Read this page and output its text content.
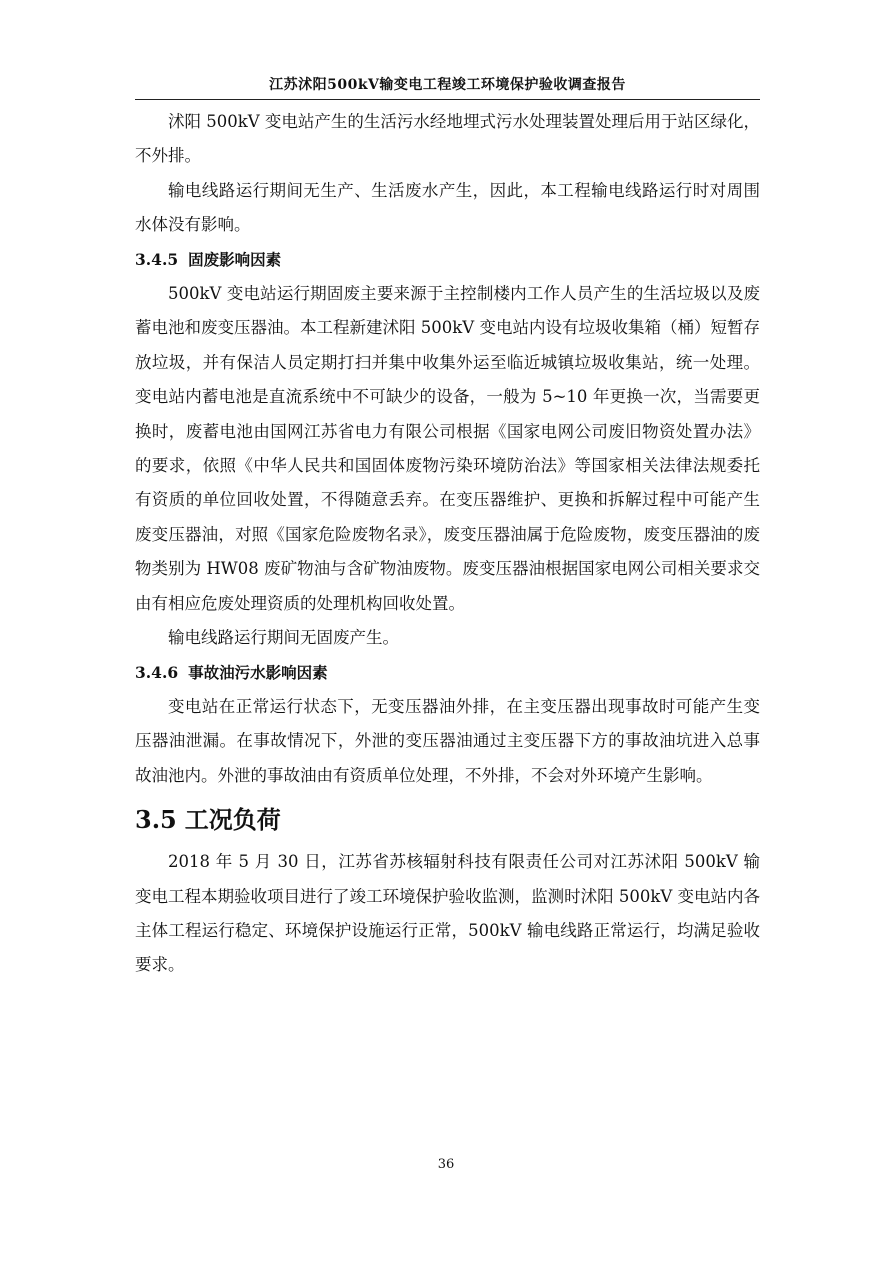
江苏沭阳500kV输变电工程竣工环境保护验收调查报告

沭阳 500kV 变电站产生的生活污水经地埋式污水处理装置处理后用于站区绿化，不外排。

输电线路运行期间无生产、生活废水产生，因此，本工程输电线路运行时对周围水体没有影响。

3.4.5 固废影响因素

500kV 变电站运行期固废主要来源于主控制楼内工作人员产生的生活垃圾以及废蓄电池和废变压器油。本工程新建沭阳 500kV 变电站内设有垃圾收集箱（桶）短暂存放垃圾，并有保洁人员定期打扫并集中收集外运至临近城镇垃圾收集站，统一处理。变电站内蓄电池是直流系统中不可缺少的设备，一般为 5~10 年更换一次，当需要更换时，废蓄电池由国网江苏省电力有限公司根据《国家电网公司废旧物资处置办法》的要求，依照《中华人民共和国固体废物污染环境防治法》等国家相关法律法规委托有资质的单位回收处置，不得随意丢弃。在变压器维护、更换和拆解过程中可能产生废变压器油，对照《国家危险废物名录》，废变压器油属于危险废物，废变压器油的废物类别为 HW08 废矿物油与含矿物油废物。废变压器油根据国家电网公司相关要求交由有相应危废处理资质的处理机构回收处置。

输电线路运行期间无固废产生。

3.4.6 事故油污水影响因素

变电站在正常运行状态下，无变压器油外排，在主变压器出现事故时可能产生变压器油泄漏。在事故情况下，外泄的变压器油通过主变压器下方的事故油坑进入总事故油池内。外泄的事故油由有资质单位处理，不外排，不会对外环境产生影响。

3.5 工况负荷

2018 年 5 月 30 日，江苏省苏核辐射科技有限责任公司对江苏沭阳 500kV 输变电工程本期验收项目进行了竣工环境保护验收监测，监测时沭阳 500kV 变电站内各主体工程运行稳定、环境保护设施运行正常，500kV 输电线路正常运行，均满足验收要求。

36
